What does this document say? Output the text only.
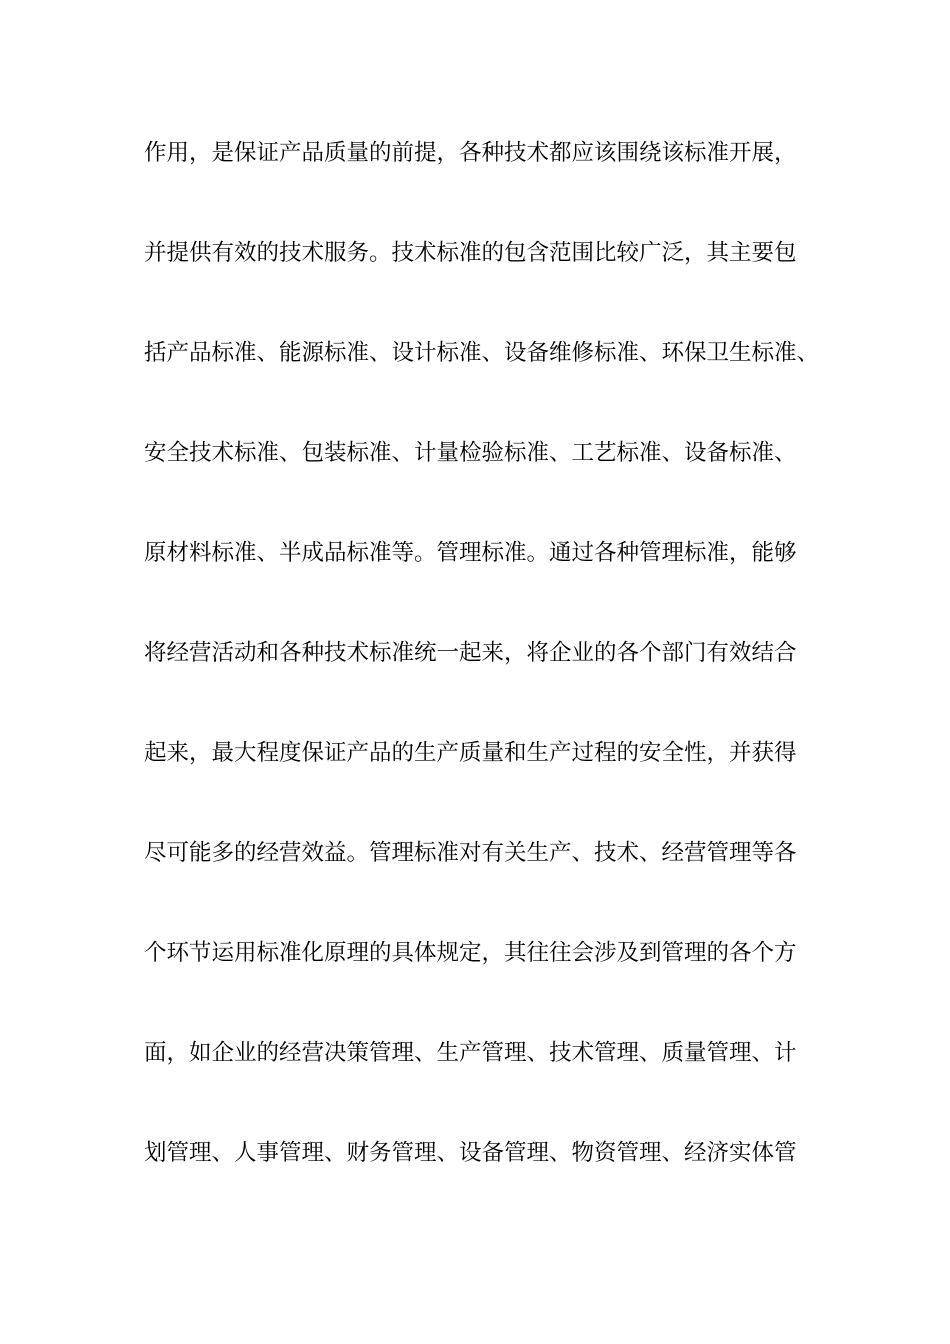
作用，是保证产品质量的前提，各种技术都应该围绕该标准开展，
并提供有效的技术服务。技术标准的包含范围比较广泛，其主要包
括产品标准、能源标准、设计标准、设备维修标准、环保卫生标准、
安全技术标准、包装标准、计量检验标准、工艺标准、设备标准、
原材料标准、半成品标准等。管理标准。通过各种管理标准，能够
将经营活动和各种技术标准统一起来，将企业的各个部门有效结合
起来，最大程度保证产品的生产质量和生产过程的安全性，并获得
尽可能多的经营效益。管理标准对有关生产、技术、经营管理等各
个环节运用标准化原理的具体规定，其往往会涉及到管理的各个方
面，如企业的经营决策管理、生产管理、技术管理、质量管理、计
划管理、人事管理、财务管理、设备管理、物资管理、经济实体管
